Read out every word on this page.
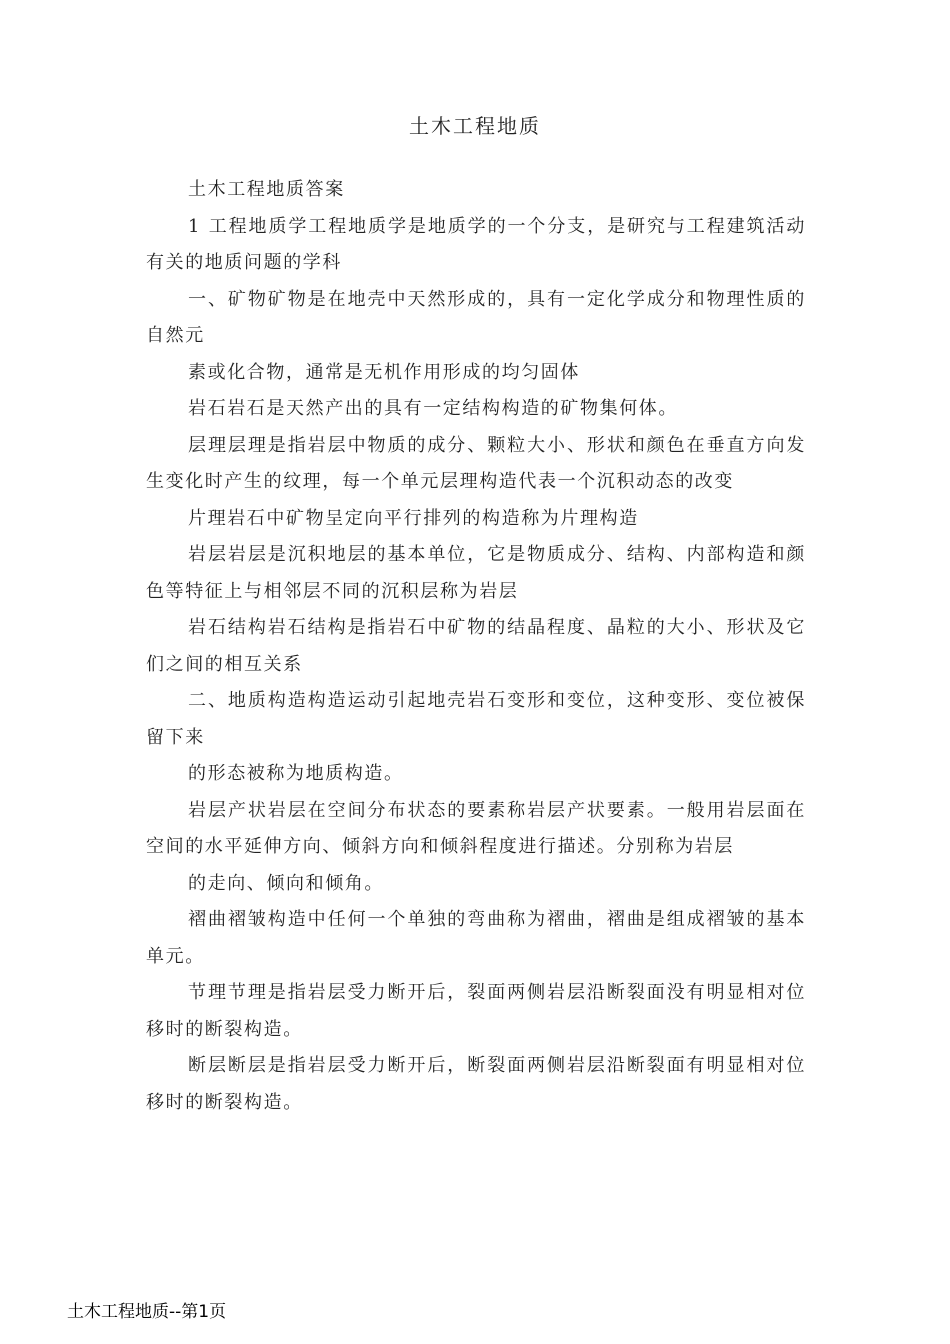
土木工程地质

土木工程地质答案

1 工程地质学工程地质学是地质学的一个分支，是研究与工程建筑活动有关的地质问题的学科

一、矿物矿物是在地壳中天然形成的，具有一定化学成分和物理性质的自然元

素或化合物，通常是无机作用形成的均匀固体

岩石岩石是天然产出的具有一定结构构造的矿物集何体。

层理层理是指岩层中物质的成分、颗粒大小、形状和颜色在垂直方向发生变化时产生的纹理，每一个单元层理构造代表一个沉积动态的改变

片理岩石中矿物呈定向平行排列的构造称为片理构造

岩层岩层是沉积地层的基本单位，它是物质成分、结构、内部构造和颜色等特征上与相邻层不同的沉积层称为岩层

岩石结构岩石结构是指岩石中矿物的结晶程度、晶粒的大小、形状及它们之间的相互关系

二、地质构造构造运动引起地壳岩石变形和变位，这种变形、变位被保留下来

的形态被称为地质构造。

岩层产状岩层在空间分布状态的要素称岩层产状要素。一般用岩层面在空间的水平延伸方向、倾斜方向和倾斜程度进行描述。分别称为岩层

的走向、倾向和倾角。

褶曲褶皱构造中任何一个单独的弯曲称为褶曲，褶曲是组成褶皱的基本单元。

节理节理是指岩层受力断开后，裂面两侧岩层沿断裂面没有明显相对位移时的断裂构造。

断层断层是指岩层受力断开后，断裂面两侧岩层沿断裂面有明显相对位移时的断裂构造。

土木工程地质--第1页
